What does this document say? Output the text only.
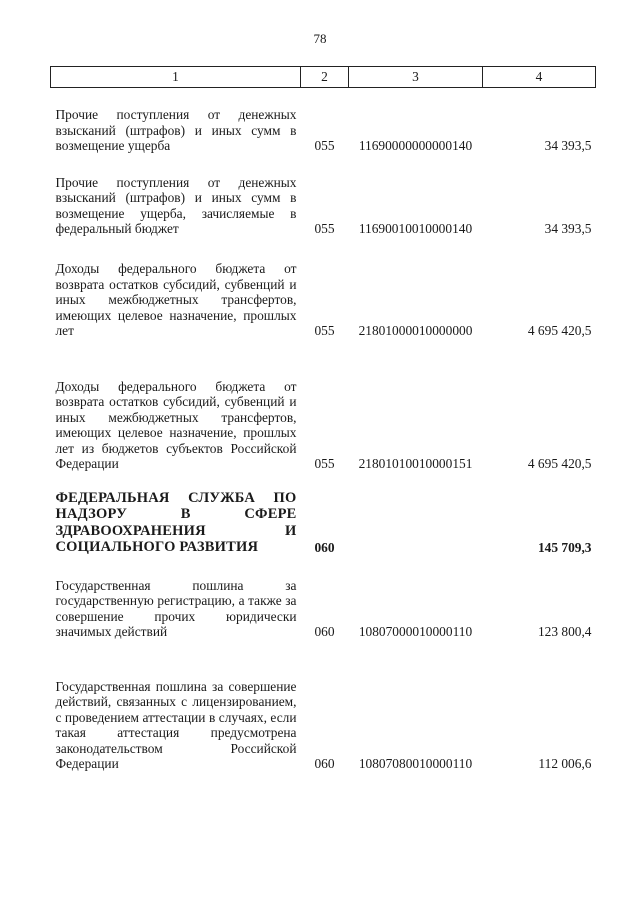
78
1	2	3	4
Прочие поступления от денежных взысканий (штрафов) и иных сумм в возмещение ущерба	055	11690000000000140	34 393,5
Прочие поступления от денежных взысканий (штрафов) и иных сумм в возмещение ущерба, зачисляемые в федеральный бюджет	055	11690010010000140	34 393,5
Доходы федерального бюджета от возврата остатков субсидий, субвенций и иных межбюджетных трансфертов, имеющих целевое назначение, прошлых лет	055	21801000010000000	4 695 420,5
Доходы федерального бюджета от возврата остатков субсидий, субвенций и иных межбюджетных трансфертов, имеющих целевое назначение, прошлых лет из бюджетов субъектов Российской Федерации	055	21801010010000151	4 695 420,5
ФЕДЕРАЛЬНАЯ СЛУЖБА ПО НАДЗОРУ В СФЕРЕ ЗДРАВООХРАНЕНИЯ И СОЦИАЛЬНОГО РАЗВИТИЯ	060		145 709,3
Государственная пошлина за государственную регистрацию, а также за совершение прочих юридически значимых действий	060	10807000010000110	123 800,4
Государственная пошлина за совершение действий, связанных с лицензированием, с проведением аттестации в случаях, если такая аттестация предусмотрена законодательством Российской Федерации	060	10807080010000110	112 006,6
